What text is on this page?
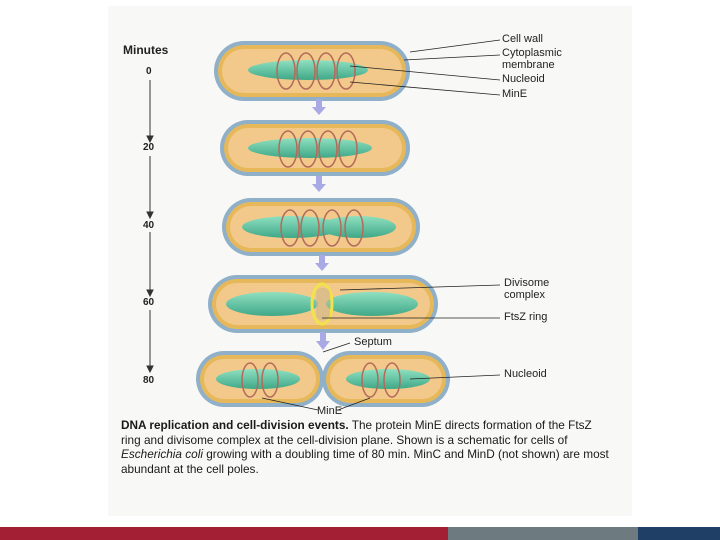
Minutes
0
20
40
60
80
Cell wall
Cytoplasmic
membrane
Nucleoid
MinE
Divisome
complex
FtsZ ring
Septum
Nucleoid
MinE
DNA replication and cell-division events. The protein MinE directs formation of the FtsZ ring and divisome complex at the cell-division plane. Shown is a schematic for cells of Escherichia coli growing with a doubling time of 80 min. MinC and MinD (not shown) are most abundant at the cell poles.
